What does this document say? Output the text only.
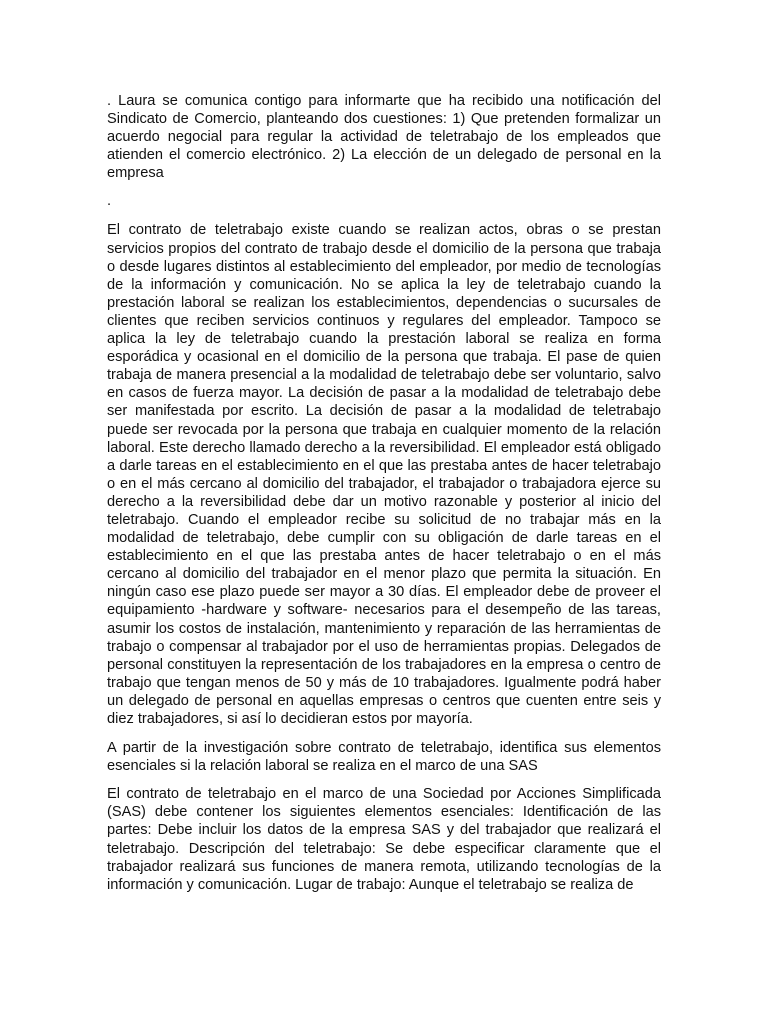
. Laura se comunica contigo para informarte que ha recibido una notificación del Sindicato de Comercio, planteando dos cuestiones: 1) Que pretenden formalizar un acuerdo negocial para regular la actividad de teletrabajo de los empleados que atienden el comercio electrónico. 2) La elección de un delegado de personal en la empresa

.

El contrato de teletrabajo existe cuando se realizan actos, obras o se prestan servicios propios del contrato de trabajo desde el domicilio de la persona que trabaja o desde lugares distintos al establecimiento del empleador, por medio de tecnologías de la información y comunicación. No se aplica la ley de teletrabajo cuando la prestación laboral se realizan los establecimientos, dependencias o sucursales de clientes que reciben servicios continuos y regulares del empleador. Tampoco se aplica la ley de teletrabajo cuando la prestación laboral se realiza en forma esporádica y ocasional en el domicilio de la persona que trabaja. El pase de quien trabaja de manera presencial a la modalidad de teletrabajo debe ser voluntario, salvo en casos de fuerza mayor. La decisión de pasar a la modalidad de teletrabajo debe ser manifestada por escrito. La decisión de pasar a la modalidad de teletrabajo puede ser revocada por la persona que trabaja en cualquier momento de la relación laboral. Este derecho llamado derecho a la reversibilidad. El empleador está obligado a darle tareas en el establecimiento en el que las prestaba antes de hacer teletrabajo o en el más cercano al domicilio del trabajador, el trabajador o trabajadora ejerce su derecho a la reversibilidad debe dar un motivo razonable y posterior al inicio del teletrabajo. Cuando el empleador recibe su solicitud de no trabajar más en la modalidad de teletrabajo, debe cumplir con su obligación de darle tareas en el establecimiento en el que las prestaba antes de hacer teletrabajo o en el más cercano al domicilio del trabajador en el menor plazo que permita la situación. En ningún caso ese plazo puede ser mayor a 30 días. El empleador debe de proveer el equipamiento -hardware y software- necesarios para el desempeño de las tareas, asumir los costos de instalación, mantenimiento y reparación de las herramientas de trabajo o compensar al trabajador por el uso de herramientas propias. Delegados de personal constituyen la representación de los trabajadores en la empresa o centro de trabajo que tengan menos de 50 y más de 10 trabajadores. Igualmente podrá haber un delegado de personal en aquellas empresas o centros que cuenten entre seis y diez trabajadores, si así lo decidieran estos por mayoría.

A partir de la investigación sobre contrato de teletrabajo, identifica sus elementos esenciales si la relación laboral se realiza en el marco de una SAS

El contrato de teletrabajo en el marco de una Sociedad por Acciones Simplificada (SAS) debe contener los siguientes elementos esenciales: Identificación de las partes: Debe incluir los datos de la empresa SAS y del trabajador que realizará el teletrabajo. Descripción del teletrabajo: Se debe especificar claramente que el trabajador realizará sus funciones de manera remota, utilizando tecnologías de la información y comunicación. Lugar de trabajo: Aunque el teletrabajo se realiza de
